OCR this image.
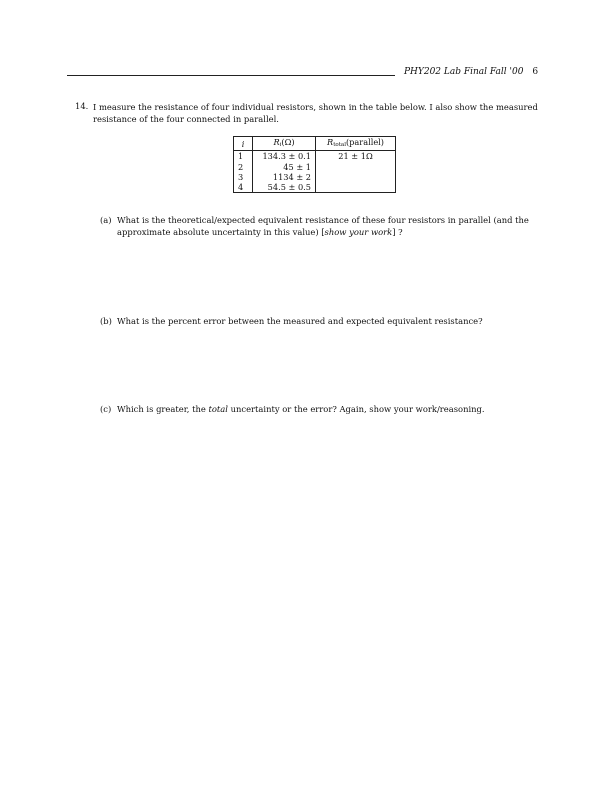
PHY202 Lab Final Fall '00 6
14. I measure the resistance of four individual resistors, shown in the table below. I also show the measured resistance of the four connected in parallel.
i	$R_i(\Omega)$	$R_{total}(parallel)$
1	134.3 ± 0.1	21 ± 1Ω
2	45 ± 1	
3	1134 ± 2	
4	54.5 ± 0.5	
(a) What is the theoretical/expected equivalent resistance of these four resistors in parallel (and the approximate absolute uncertainty in this value) [show your work] ?
(b) What is the percent error between the measured and expected equivalent resistance?
(c) Which is greater, the total uncertainty or the error? Again, show your work/reasoning.
